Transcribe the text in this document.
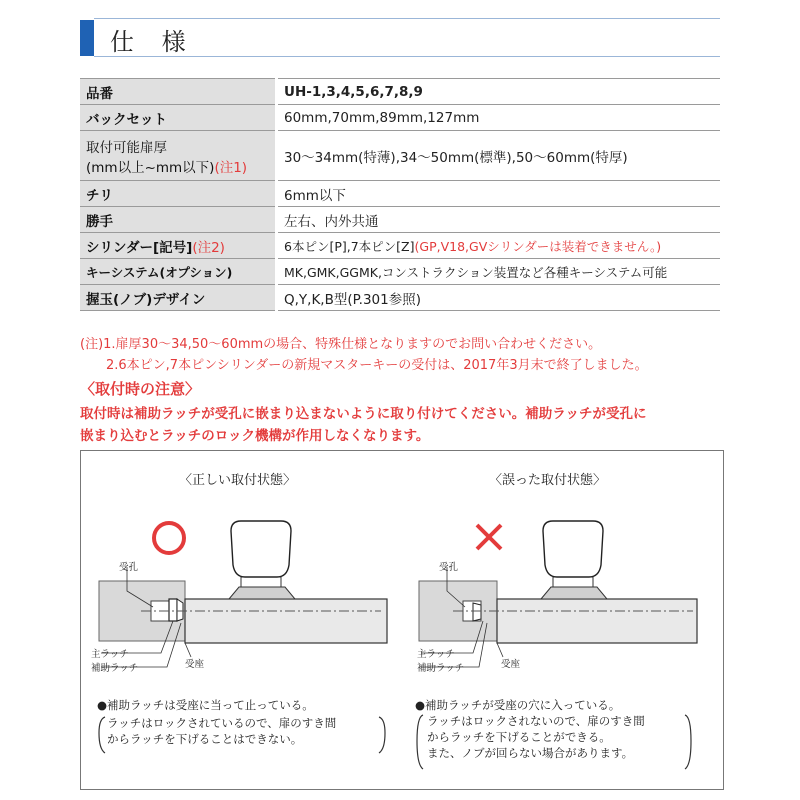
仕 様
品番	UH-1,3,4,5,6,7,8,9
バックセット	60mm,70mm,89mm,127mm

取付可能扉厚
(mm以上~mm以下)(注1)	30～34mm(特薄),34～50mm(標準),50～60mm(特厚)
チリ	6mm以下
勝手	左右、内外共通
シリンダー[記号](注2)	6本ピン[P],7本ピン[Z](GP,V18,GVシリンダーは装着できません。)
キーシステム(オプション)	MK,GMK,GGMK,コンストラクション装置など各種キーシステム可能
握玉(ノブ)デザイン	Q,Y,K,B型(P.301参照)
(注)1.扉厚30～34,50～60mmの場合、特殊仕様となりますのでお問い合わせください。
2.6本ピン,7本ピンシリンダーの新規マスターキーの受付は、2017年3月末で終了しました。
〈取付時の注意〉
取付時は補助ラッチが受孔に嵌まり込まないように取り付けてください。補助ラッチが受孔に
嵌まり込むとラッチのロック機構が作用しなくなります。
〈正しい取付状態〉	〈誤った取付状態〉
受孔
主ラッチ
補助ラッチ	受座
●補助ラッチは受座に当って止っている。
ラッチはロックされているので、扉のすき間
からラッチを下げることはできない。
受孔
主ラッチ
補助ラッチ	受座
●補助ラッチが受座の穴に入っている。
ラッチはロックされないので、扉のすき間
からラッチを下げることができる。
また、ノブが回らない場合があります。
